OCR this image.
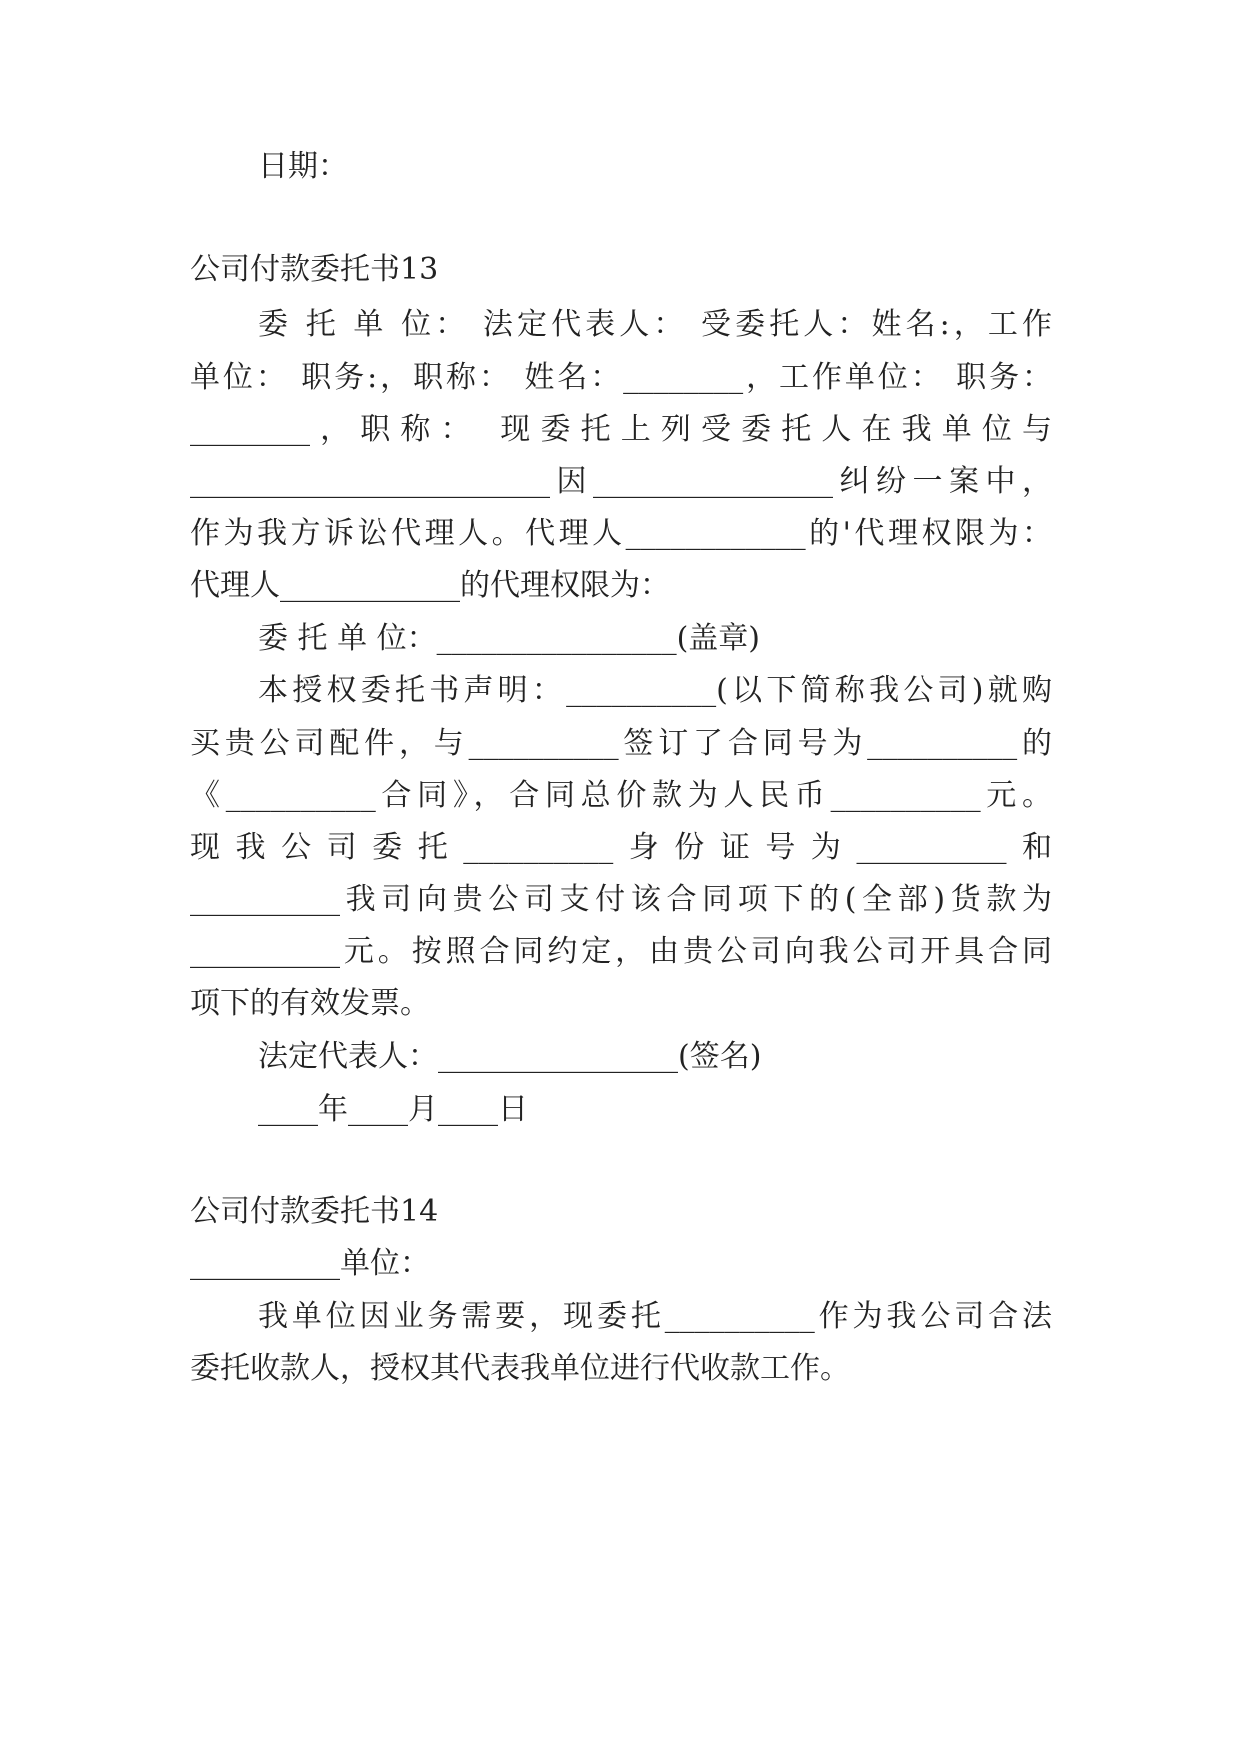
日期：
公司付款委托书13
委 托 单 位： 法定代表人： 受委托人：姓名:，工作
单位： 职务:，职称： 姓名：________，工作单位： 职务：
________，职称： 现委托上列受委托人在我单位与
________________________因________________纠纷一案中，
作为我方诉讼代理人。代理人____________的'代理权限为：
代理人____________的代理权限为：
委 托 单 位：________________(盖章)
本授权委托书声明：__________(以下简称我公司)就购
买贵公司配件，与__________签订了合同号为__________的
《__________合同》，合同总价款为人民币__________元。
现我公司委托__________身份证号为__________和
__________我司向贵公司支付该合同项下的(全部)货款为
__________元。按照合同约定，由贵公司向我公司开具合同
项下的有效发票。
法定代表人：________________(签名)
____年____月____日
公司付款委托书14
__________单位：
我单位因业务需要，现委托__________作为我公司合法
委托收款人，授权其代表我单位进行代收款工作。
